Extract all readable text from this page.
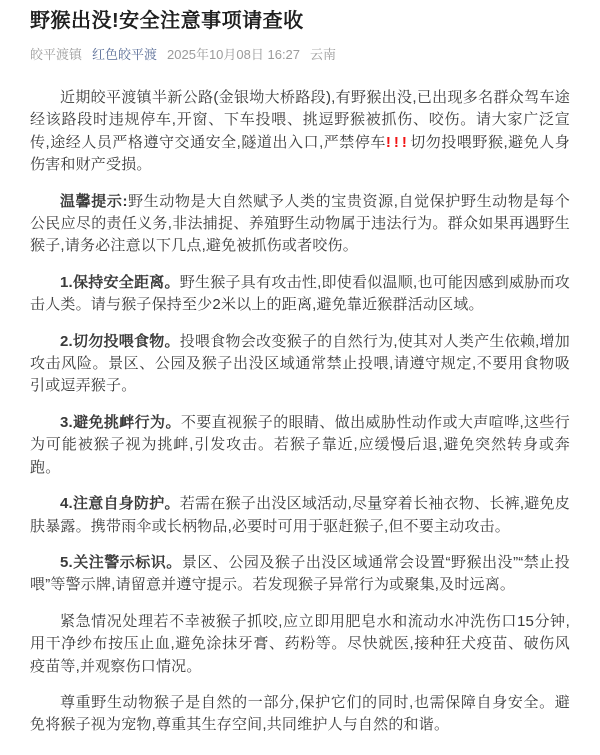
野猴出没!安全注意事项请查收
皎平渡镇 红色皎平渡 2025年10月08日 16:27 云南

近期皎平渡镇半新公路(金银坳大桥路段),有野猴出没,已出现多名群众驾车途经该路段时违规停车,开窗、下车投喂、挑逗野猴被抓伤、咬伤。请大家广泛宣传,途经人员严格遵守交通安全,隧道出入口,严禁停车!!!切勿投喂野猴,避免人身伤害和财产受损。

温馨提示:野生动物是大自然赋予人类的宝贵资源,自觉保护野生动物是每个公民应尽的责任义务,非法捕捉、养殖野生动物属于违法行为。群众如果再遇野生猴子,请务必注意以下几点,避免被抓伤或者咬伤。

1.保持安全距离。野生猴子具有攻击性,即使看似温顺,也可能因感到威胁而攻击人类。请与猴子保持至少2米以上的距离,避免靠近猴群活动区域。

2.切勿投喂食物。投喂食物会改变猴子的自然行为,使其对人类产生依赖,增加攻击风险。景区、公园及猴子出没区域通常禁止投喂,请遵守规定,不要用食物吸引或逗弄猴子。

3.避免挑衅行为。不要直视猴子的眼睛、做出威胁性动作或大声喧哗,这些行为可能被猴子视为挑衅,引发攻击。若猴子靠近,应缓慢后退,避免突然转身或奔跑。

4.注意自身防护。若需在猴子出没区域活动,尽量穿着长袖衣物、长裤,避免皮肤暴露。携带雨伞或长柄物品,必要时可用于驱赶猴子,但不要主动攻击。

5.关注警示标识。景区、公园及猴子出没区域通常会设置“野猴出没”“禁止投喂”等警示牌,请留意并遵守提示。若发现猴子异常行为或聚集,及时远离。

紧急情况处理若不幸被猴子抓咬,应立即用肥皂水和流动水冲洗伤口15分钟,用干净纱布按压止血,避免涂抹牙膏、药粉等。尽快就医,接种狂犬疫苗、破伤风疫苗等,并观察伤口情况。

尊重野生动物猴子是自然的一部分,保护它们的同时,也需保障自身安全。避免将猴子视为宠物,尊重其生存空间,共同维护人与自然的和谐。
